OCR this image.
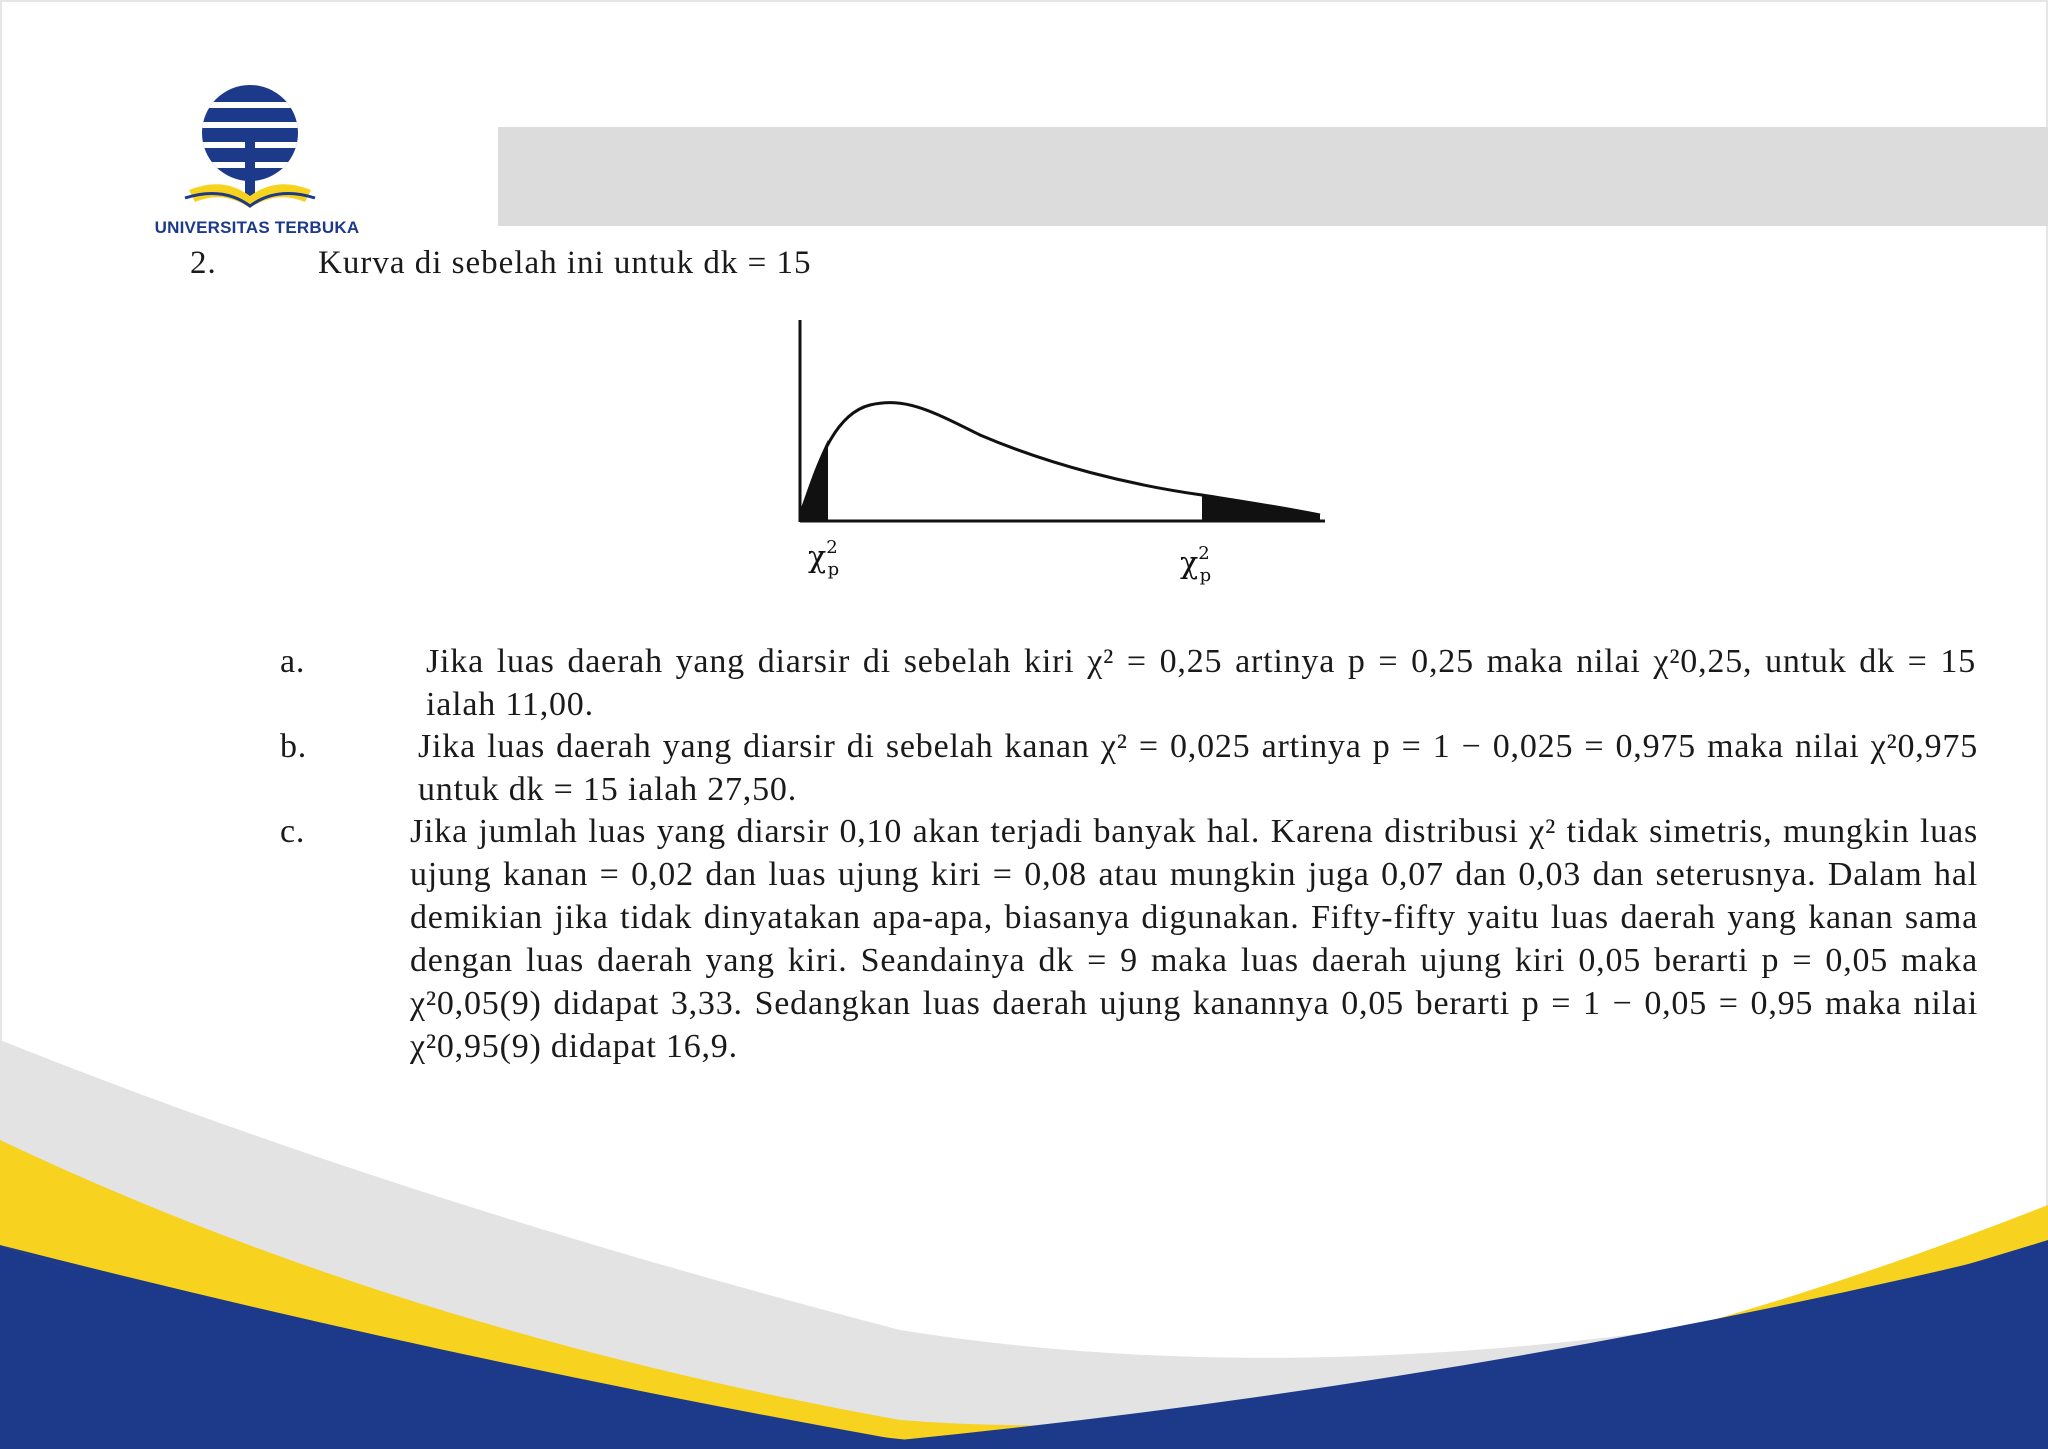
UNIVERSITAS TERBUKA
2.	Kurva di sebelah ini untuk dk = 15
$\chi^2$ p	$\chi^2$ p
a.	Jika luas daerah yang diarsir di sebelah kiri χ² = 0,25 artinya p = 0,25 maka nilai χ²0,25, untuk dk = 15 ialah 11,00.
b.	Jika luas daerah yang diarsir di sebelah kanan χ² = 0,025 artinya p = 1 − 0,025 = 0,975 maka nilai χ²0,975 untuk dk = 15 ialah 27,50.
c.	Jika jumlah luas yang diarsir 0,10 akan terjadi banyak hal. Karena distribusi χ² tidak simetris, mungkin luas ujung kanan = 0,02 dan luas ujung kiri = 0,08 atau mungkin juga 0,07 dan 0,03 dan seterusnya. Dalam hal demikian jika tidak dinyatakan apa-apa, biasanya digunakan. Fifty-fifty yaitu luas daerah yang kanan sama dengan luas daerah yang kiri. Seandainya dk = 9 maka luas daerah ujung kiri 0,05 berarti p = 0,05 maka χ²0,05(9) didapat 3,33. Sedangkan luas daerah ujung kanannya 0,05 berarti p = 1 − 0,05 = 0,95 maka nilai χ²0,95(9) didapat 16,9.
